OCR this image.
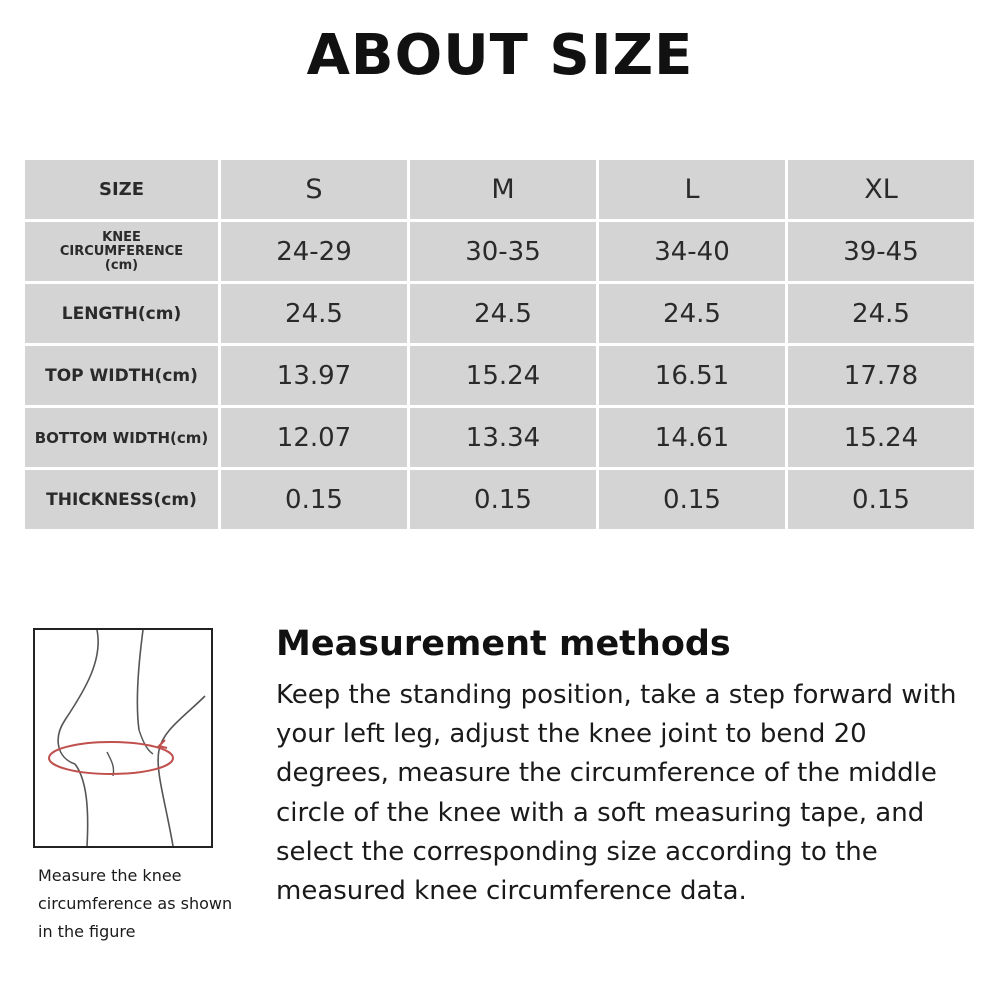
ABOUT SIZE
SIZE	S	M	L	XL
KNEE
CIRCUMFERENCE
(cm)	24-29	30-35	34-40	39-45
LENGTH(cm)	24.5	24.5	24.5	24.5
TOP WIDTH(cm)	13.97	15.24	16.51	17.78
BOTTOM WIDTH(cm)	12.07	13.34	14.61	15.24
THICKNESS(cm)	0.15	0.15	0.15	0.15
Measure the knee circumference as shown in the figure
Measurement methods
Keep the standing position, take a step forward with your left leg, adjust the knee joint to bend 20 degrees, measure the circumference of the middle circle of the knee with a soft measuring tape, and select the corresponding size according to the measured knee circumference data.
